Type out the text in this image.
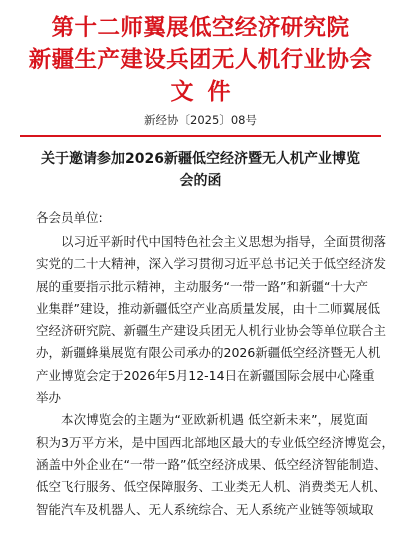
第十二师翼展低空经济研究院
新疆生产建设兵团无人机行业协会
文件
新经协〔2025〕08号
关于邀请参加2026新疆低空经济暨无人机产业博览
会的函
各会员单位:
以习近平新时代中国特色社会主义思想为指导，全面贯彻落
实党的二十大精神，深入学习贯彻习近平总书记关于低空经济发
展的重要指示批示精神，主动服务“一带一路”和新疆“十大产
业集群”建设，推动新疆低空产业高质量发展，由十二师翼展低
空经济研究院、新疆生产建设兵团无人机行业协会等单位联合主
办，新疆蜂巢展览有限公司承办的2026新疆低空经济暨无人机
产业博览会定于2026年5月12-14日在新疆国际会展中心隆重
举办
本次博览会的主题为“亚欧新机遇 低空新未来”，展览面
积为3万平方米，是中国西北部地区最大的专业低空经济博览会，
涵盖中外企业在“一带一路”低空经济成果、低空经济智能制造、
低空飞行服务、低空保障服务、工业类无人机、消费类无人机、
智能汽车及机器人、无人系统综合、无人系统产业链等领域取
